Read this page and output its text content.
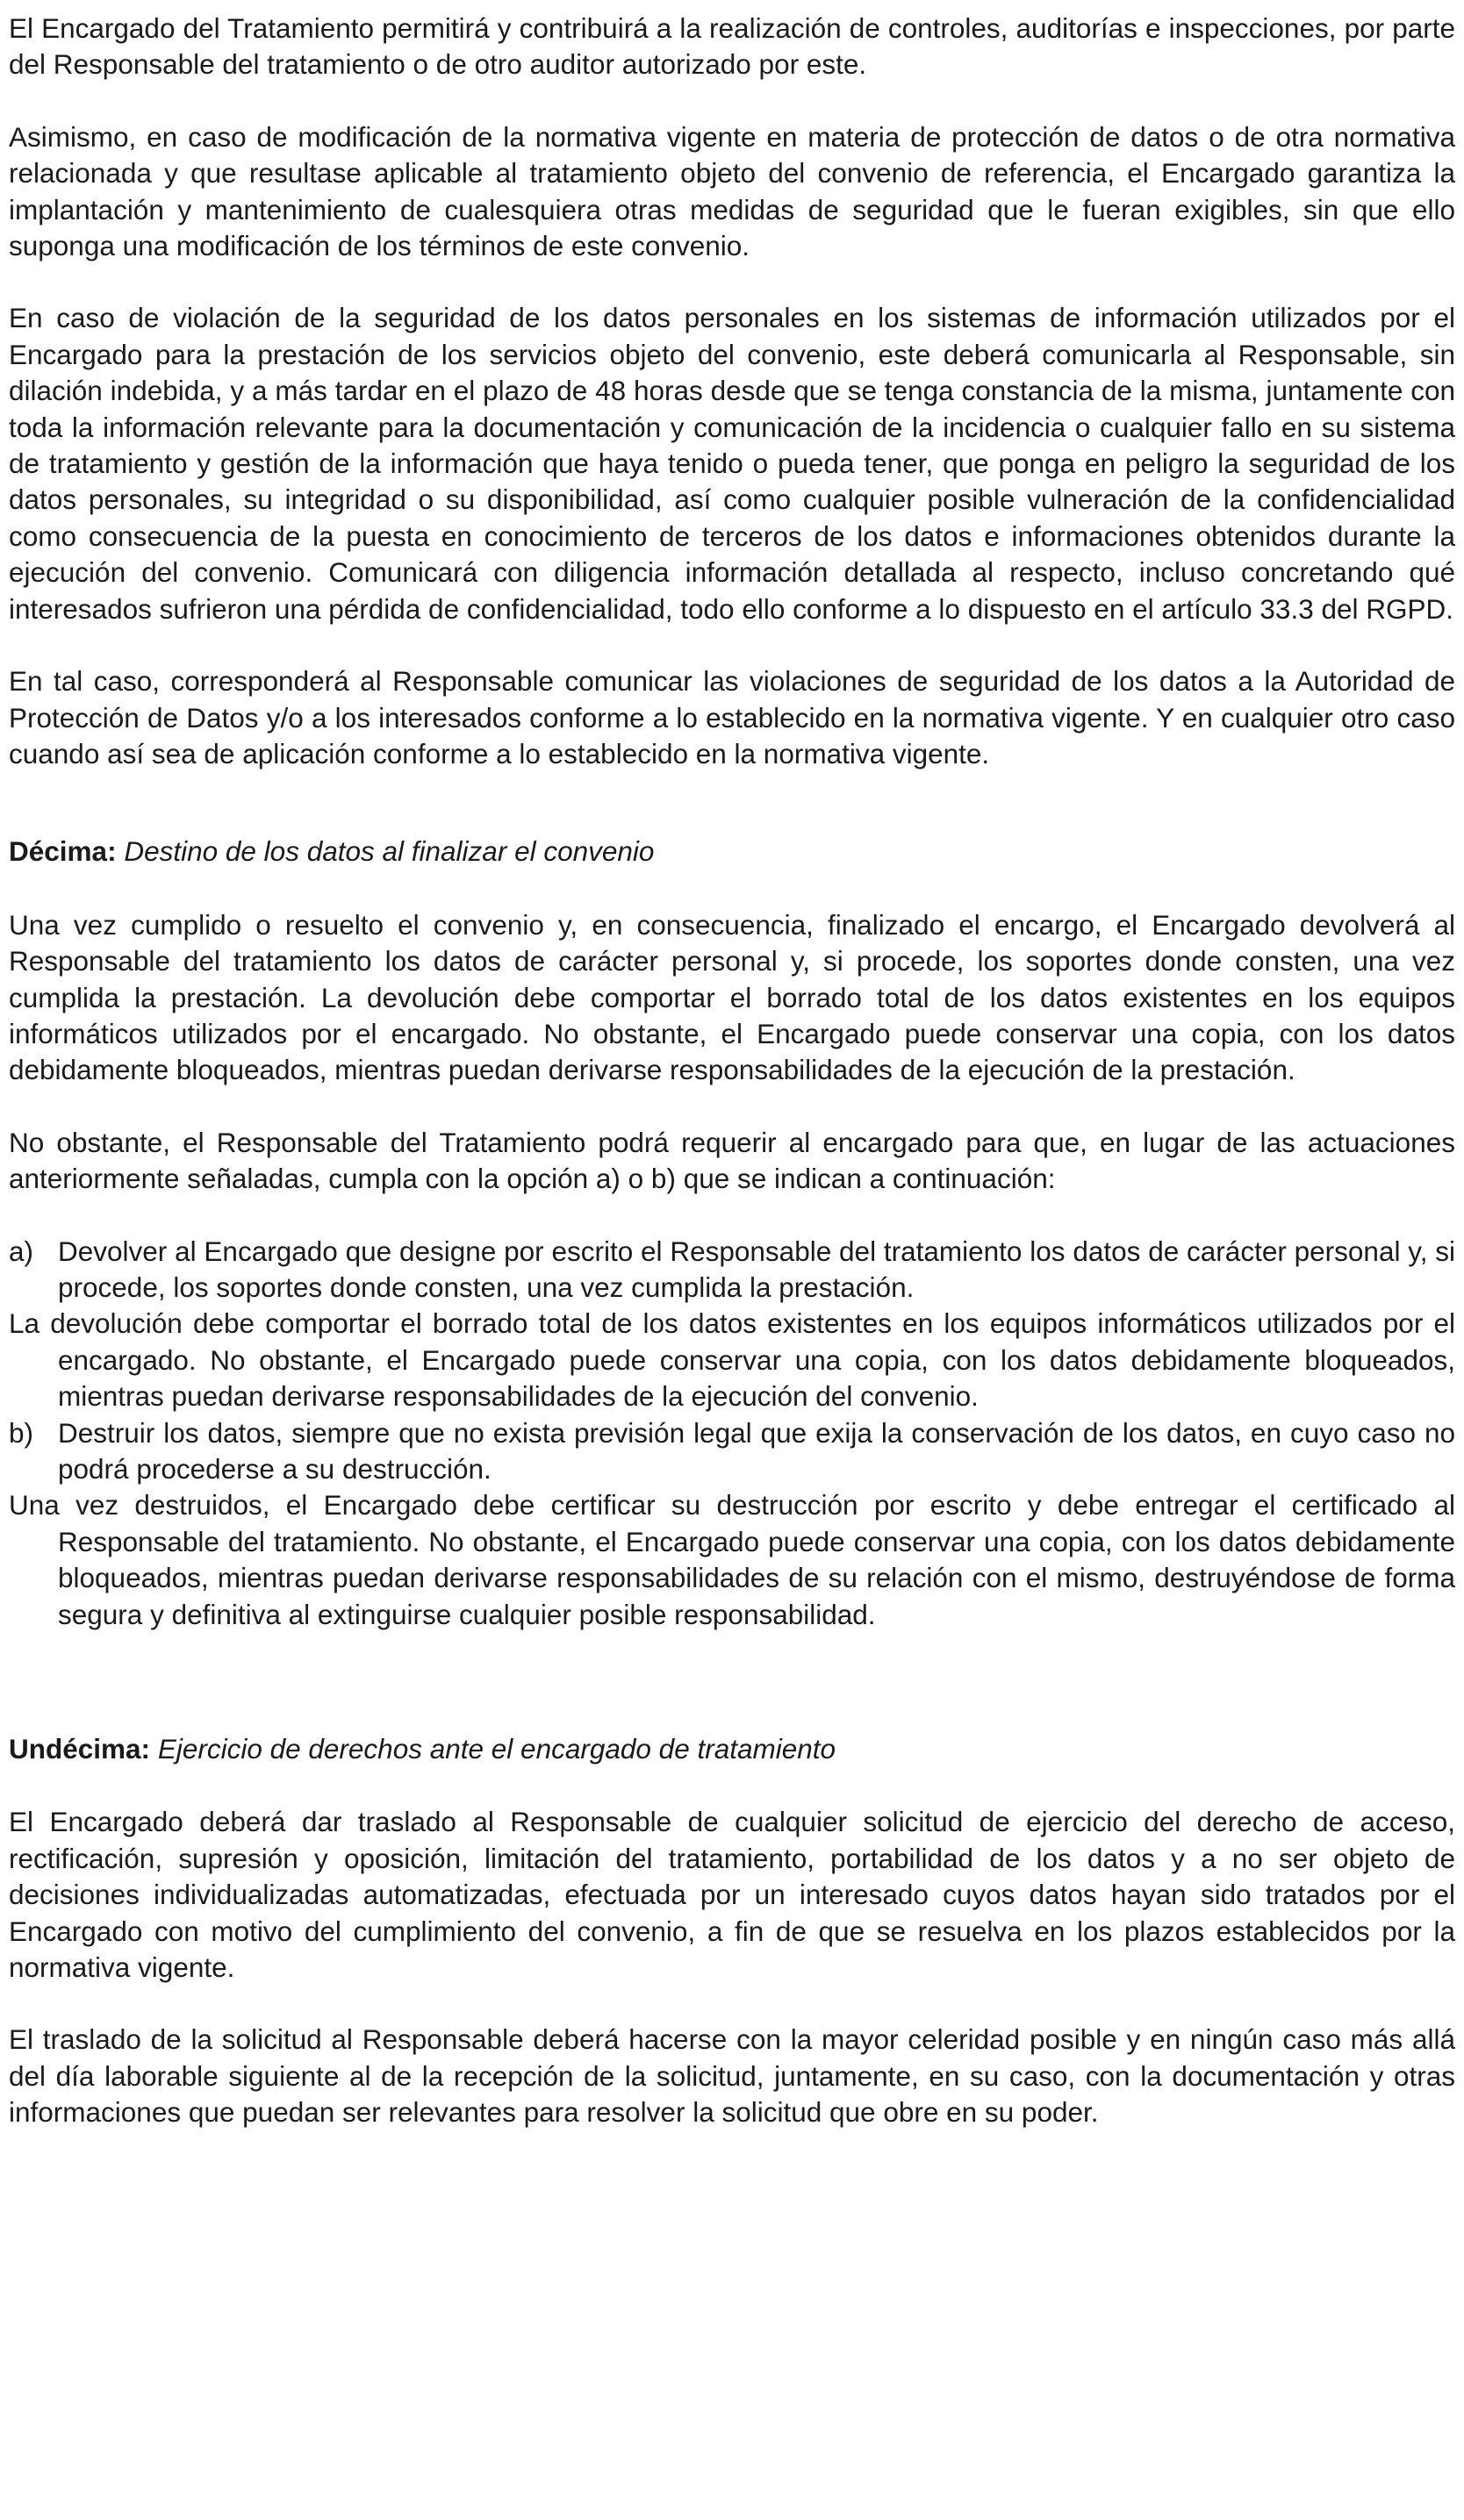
El Encargado del Tratamiento permitirá y contribuirá a la realización de controles, auditorías e inspecciones, por parte del Responsable del tratamiento o de otro auditor autorizado por este.

Asimismo, en caso de modificación de la normativa vigente en materia de protección de datos o de otra normativa relacionada y que resultase aplicable al tratamiento objeto del convenio de referencia, el Encargado garantiza la implantación y mantenimiento de cualesquiera otras medidas de seguridad que le fueran exigibles, sin que ello suponga una modificación de los términos de este convenio.

En caso de violación de la seguridad de los datos personales en los sistemas de información utilizados por el Encargado para la prestación de los servicios objeto del convenio, este deberá comunicarla al Responsable, sin dilación indebida, y a más tardar en el plazo de 48 horas desde que se tenga constancia de la misma, juntamente con toda la información relevante para la documentación y comunicación de la incidencia o cualquier fallo en su sistema de tratamiento y gestión de la información que haya tenido o pueda tener, que ponga en peligro la seguridad de los datos personales, su integridad o su disponibilidad, así como cualquier posible vulneración de la confidencialidad como consecuencia de la puesta en conocimiento de terceros de los datos e informaciones obtenidos durante la ejecución del convenio. Comunicará con diligencia información detallada al respecto, incluso concretando qué interesados sufrieron una pérdida de confidencialidad, todo ello conforme a lo dispuesto en el artículo 33.3 del RGPD.

En tal caso, corresponderá al Responsable comunicar las violaciones de seguridad de los datos a la Autoridad de Protección de Datos y/o a los interesados conforme a lo establecido en la normativa vigente. Y en cualquier otro caso cuando así sea de aplicación conforme a lo establecido en la normativa vigente.

Décima: Destino de los datos al finalizar el convenio

Una vez cumplido o resuelto el convenio y, en consecuencia, finalizado el encargo, el Encargado devolverá al Responsable del tratamiento los datos de carácter personal y, si procede, los soportes donde consten, una vez cumplida la prestación. La devolución debe comportar el borrado total de los datos existentes en los equipos informáticos utilizados por el encargado. No obstante, el Encargado puede conservar una copia, con los datos debidamente bloqueados, mientras puedan derivarse responsabilidades de la ejecución de la prestación.

No obstante, el Responsable del Tratamiento podrá requerir al encargado para que, en lugar de las actuaciones anteriormente señaladas, cumpla con la opción a) o b) que se indican a continuación:

a) Devolver al Encargado que designe por escrito el Responsable del tratamiento los datos de carácter personal y, si procede, los soportes donde consten, una vez cumplida la prestación.

La devolución debe comportar el borrado total de los datos existentes en los equipos informáticos utilizados por el encargado. No obstante, el Encargado puede conservar una copia, con los datos debidamente bloqueados, mientras puedan derivarse responsabilidades de la ejecución del convenio.

b) Destruir los datos, siempre que no exista previsión legal que exija la conservación de los datos, en cuyo caso no podrá procederse a su destrucción.

Una vez destruidos, el Encargado debe certificar su destrucción por escrito y debe entregar el certificado al Responsable del tratamiento. No obstante, el Encargado puede conservar una copia, con los datos debidamente bloqueados, mientras puedan derivarse responsabilidades de su relación con el mismo, destruyéndose de forma segura y definitiva al extinguirse cualquier posible responsabilidad.

Undécima: Ejercicio de derechos ante el encargado de tratamiento

El Encargado deberá dar traslado al Responsable de cualquier solicitud de ejercicio del derecho de acceso, rectificación, supresión y oposición, limitación del tratamiento, portabilidad de los datos y a no ser objeto de decisiones individualizadas automatizadas, efectuada por un interesado cuyos datos hayan sido tratados por el Encargado con motivo del cumplimiento del convenio, a fin de que se resuelva en los plazos establecidos por la normativa vigente.

El traslado de la solicitud al Responsable deberá hacerse con la mayor celeridad posible y en ningún caso más allá del día laborable siguiente al de la recepción de la solicitud, juntamente, en su caso, con la documentación y otras informaciones que puedan ser relevantes para resolver la solicitud que obre en su poder.
